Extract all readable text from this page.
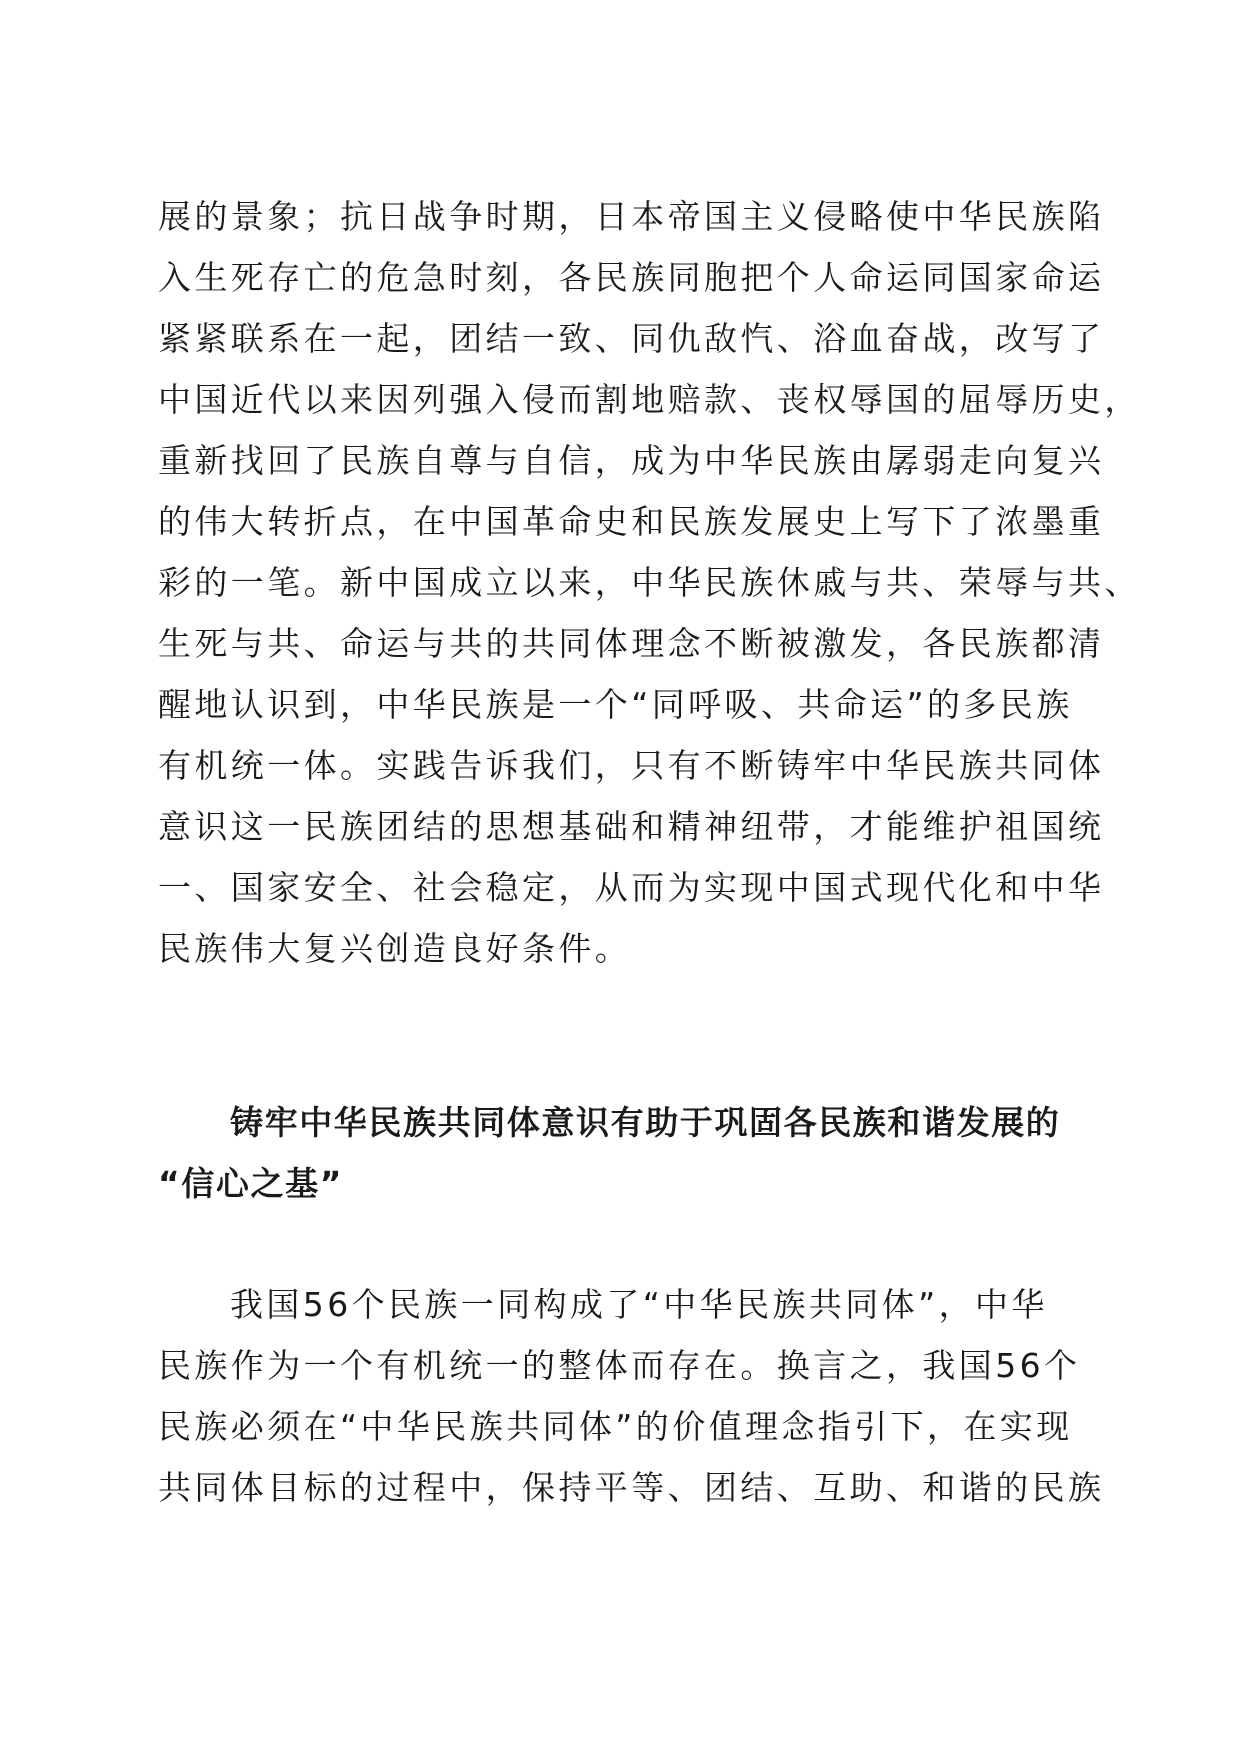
展的景象；抗日战争时期，日本帝国主义侵略使中华民族陷
入生死存亡的危急时刻，各民族同胞把个人命运同国家命运
紧紧联系在一起，团结一致、同仇敌忾、浴血奋战，改写了
中国近代以来因列强入侵而割地赔款、丧权辱国的屈辱历史，
重新找回了民族自尊与自信，成为中华民族由孱弱走向复兴
的伟大转折点，在中国革命史和民族发展史上写下了浓墨重
彩的一笔。新中国成立以来，中华民族休戚与共、荣辱与共、
生死与共、命运与共的共同体理念不断被激发，各民族都清
醒地认识到，中华民族是一个“同呼吸、共命运”的多民族
有机统一体。实践告诉我们，只有不断铸牢中华民族共同体
意识这一民族团结的思想基础和精神纽带，才能维护祖国统
一、国家安全、社会稳定，从而为实现中国式现代化和中华
民族伟大复兴创造良好条件。
铸牢中华民族共同体意识有助于巩固各民族和谐发展的
“信心之基”
我国56个民族一同构成了“中华民族共同体”，中华
民族作为一个有机统一的整体而存在。换言之，我国56个
民族必须在“中华民族共同体”的价值理念指引下，在实现
共同体目标的过程中，保持平等、团结、互助、和谐的民族
